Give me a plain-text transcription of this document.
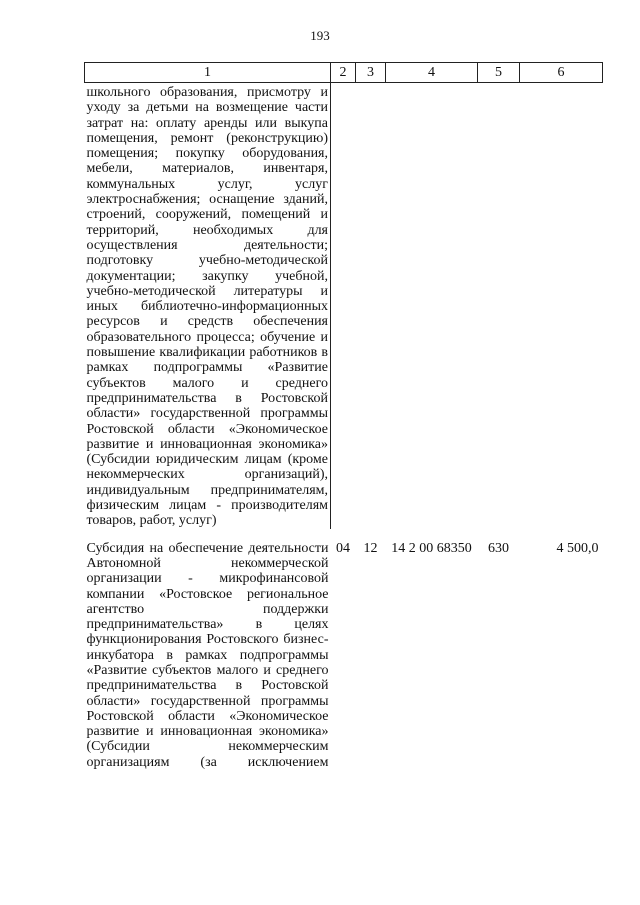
193
1	2	3	4	5	6
школьного образования, присмотру и уходу за детьми на возмещение части затрат на: оплату аренды или выкупа помещения, ремонт (реконструкцию) помещения; покупку оборудования, мебели, материалов, инвентаря, коммунальных услуг, услуг электроснабжения; оснащение зданий, строений, сооружений, помещений и территорий, необходимых для осуществления деятельности; подготовку учебно-методической документации; закупку учебной, учебно-методической литературы и иных библиотечно-информационных ресурсов и средств обеспечения образовательного процесса; обучение и повышение квалификации работников в рамках подпрограммы «Развитие субъектов малого и среднего предпринимательства в Ростовской области» государственной программы Ростовской области «Экономическое развитие и инновационная экономика» (Субсидии юридическим лицам (кроме некоммерческих организаций), индивидуальным предпринимателям, физическим лицам - производителям товаров, работ, услуг)					
Субсидия на обеспечение деятельности Автономной некоммерческой организации - микрофинансовой компании «Ростовское региональное агентство поддержки предпринимательства» в целях функционирования Ростовского бизнес-инкубатора в рамках подпрограммы «Развитие субъектов малого и среднего предпринимательства в Ростовской области» государственной программы Ростовской области «Экономическое развитие и инновационная экономика» (Субсидии некоммерческим организациям (за исключением	04	12	14 2 00 68350	630	4 500,0
